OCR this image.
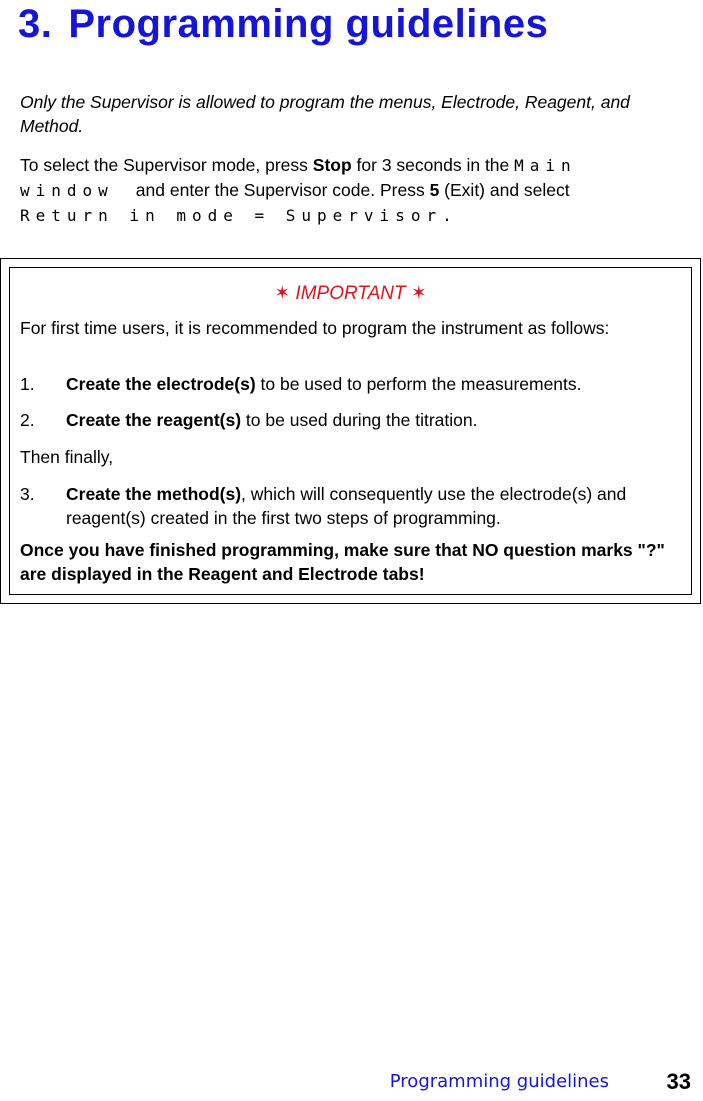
3. Programming guidelines

Only the Supervisor is allowed to program the menus, Electrode, Reagent, and Method.

To select the Supervisor mode, press Stop for 3 seconds in the Main
window and enter the Supervisor code. Press 5 (Exit) and select
Return in mode = Supervisor.

✶ IMPORTANT ✶

For first time users, it is recommended to program the instrument as follows:

1. Create the electrode(s) to be used to perform the measurements.
2. Create the reagent(s) to be used during the titration.

Then finally,

3. Create the method(s), which will consequently use the electrode(s) and reagent(s) created in the first two steps of programming.

Once you have finished programming, make sure that NO question marks "?" are displayed in the Reagent and Electrode tabs!

Programming guidelines	33
